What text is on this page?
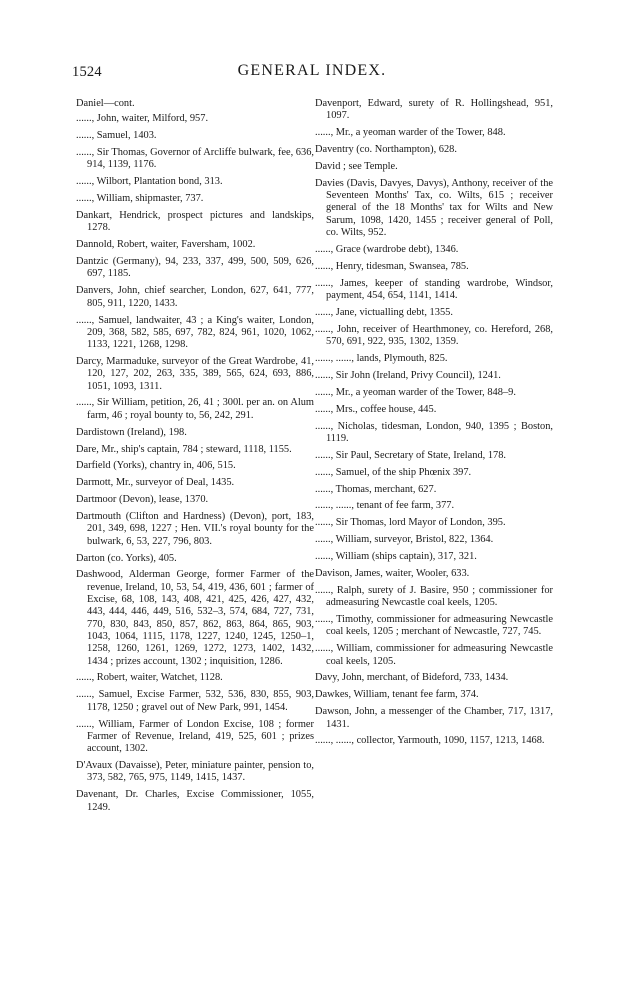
1524	GENERAL INDEX.

Daniel—cont.

......, John, waiter, Milford, 957.

......, Samuel, 1403.

......, Sir Thomas, Governor of Arcliffe bulwark, fee, 636, 914, 1139, 1176.

......, Wilbort, Plantation bond, 313.

......, William, shipmaster, 737.

Dankart, Hendrick, prospect pictures and landskips, 1278.

Dannold, Robert, waiter, Faversham, 1002.

Dantzic (Germany), 94, 233, 337, 499, 500, 509, 626, 697, 1185.

Danvers, John, chief searcher, London, 627, 641, 777, 805, 911, 1220, 1433.

......, Samuel, landwaiter, 43 ; a King's waiter, London, 209, 368, 582, 585, 697, 782, 824, 961, 1020, 1062, 1133, 1221, 1268, 1298.

Darcy, Marmaduke, surveyor of the Great Wardrobe, 41, 120, 127, 202, 263, 335, 389, 565, 624, 693, 886, 1051, 1093, 1311.

......, Sir William, petition, 26, 41 ; 300l. per an. on Alum farm, 46 ; royal bounty to, 56, 242, 291.

Dardistown (Ireland), 198.

Dare, Mr., ship's captain, 784 ; steward, 1118, 1155.

Darfield (Yorks), chantry in, 406, 515.

Darmott, Mr., surveyor of Deal, 1435.

Dartmoor (Devon), lease, 1370.

Dartmouth (Clifton and Hardness) (Devon), port, 183, 201, 349, 698, 1227 ; Hen. VII.'s royal bounty for the bulwark, 6, 53, 227, 796, 803.

Darton (co. Yorks), 405.

Dashwood, Alderman George, former Farmer of the revenue, Ireland, 10, 53, 54, 419, 436, 601 ; farmer of Excise, 68, 108, 143, 408, 421, 425, 426, 427, 432, 443, 444, 446, 449, 516, 532–3, 574, 684, 727, 731, 770, 830, 843, 850, 857, 862, 863, 864, 865, 903, 1043, 1064, 1115, 1178, 1227, 1240, 1245, 1250–1, 1258, 1260, 1261, 1269, 1272, 1273, 1402, 1432, 1434 ; prizes account, 1302 ; inquisition, 1286.

......, Robert, waiter, Watchet, 1128.

......, Samuel, Excise Farmer, 532, 536, 830, 855, 903, 1178, 1250 ; gravel out of New Park, 991, 1454.

......, William, Farmer of London Excise, 108 ; former Farmer of Revenue, Ireland, 419, 525, 601 ; prizes account, 1302.

D'Avaux (Davaisse), Peter, miniature painter, pension to, 373, 582, 765, 975, 1149, 1415, 1437.

Davenant, Dr. Charles, Excise Commissioner, 1055, 1249.

Davenport, Edward, surety of R. Hollingshead, 951, 1097.

......, Mr., a yeoman warder of the Tower, 848.

Daventry (co. Northampton), 628.

David ; see Temple.

Davies (Davis, Davyes, Davys), Anthony, receiver of the Seventeen Months' Tax, co. Wilts, 615 ; receiver general of the 18 Months' tax for Wilts and New Sarum, 1098, 1420, 1455 ; receiver general of Poll, co. Wilts, 952.

......, Grace (wardrobe debt), 1346.

......, Henry, tidesman, Swansea, 785.

......, James, keeper of standing wardrobe, Windsor, payment, 454, 654, 1141, 1414.

......, Jane, victualling debt, 1355.

......, John, receiver of Hearthmoney, co. Hereford, 268, 570, 691, 922, 935, 1302, 1359.

......, ......, lands, Plymouth, 825.

......, Sir John (Ireland, Privy Council), 1241.

......, Mr., a yeoman warder of the Tower, 848–9.

......, Mrs., coffee house, 445.

......, Nicholas, tidesman, London, 940, 1395 ; Boston, 1119.

......, Sir Paul, Secretary of State, Ireland, 178.

......, Samuel, of the ship Phœnix 397.

......, Thomas, merchant, 627.

......, ......, tenant of fee farm, 377.

......, Sir Thomas, lord Mayor of London, 395.

......, William, surveyor, Bristol, 822, 1364.

......, William (ships captain), 317, 321.

Davison, James, waiter, Wooler, 633.

......, Ralph, surety of J. Basire, 950 ; commissioner for admeasuring Newcastle coal keels, 1205.

......, Timothy, commissioner for admeasuring Newcastle coal keels, 1205 ; merchant of Newcastle, 727, 745.

......, William, commissioner for admeasuring Newcastle coal keels, 1205.

Davy, John, merchant, of Bideford, 733, 1434.

Dawkes, William, tenant fee farm, 374.

Dawson, John, a messenger of the Chamber, 717, 1317, 1431.

......, ......, collector, Yarmouth, 1090, 1157, 1213, 1468.
